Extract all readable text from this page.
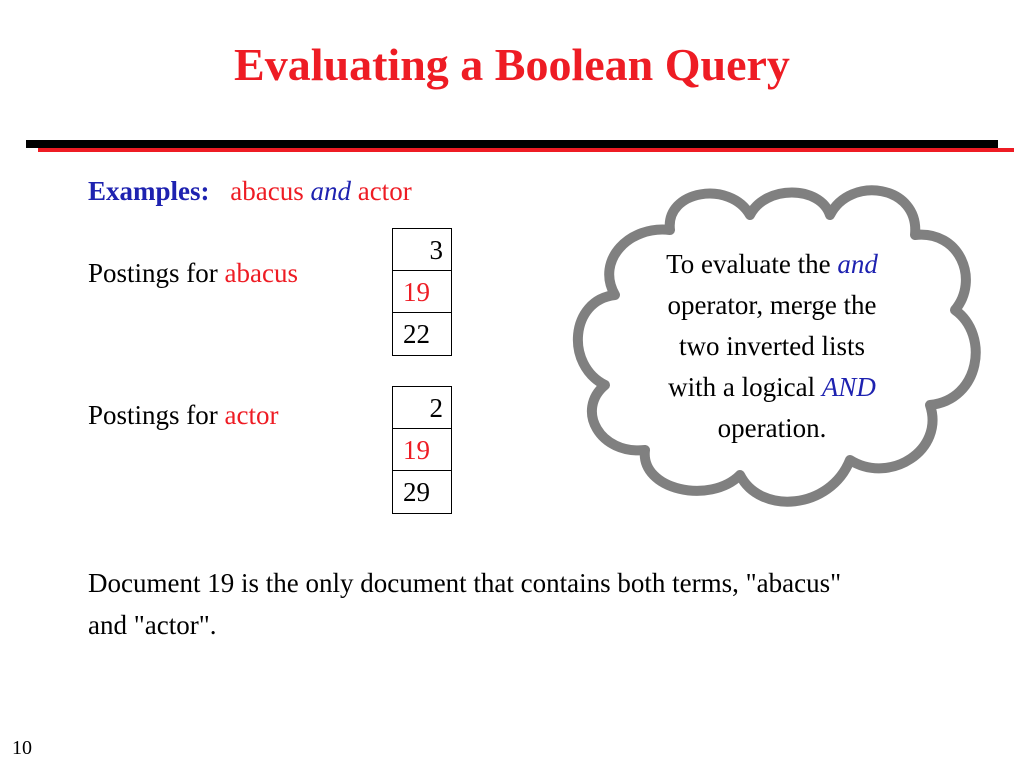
Evaluating a Boolean Query
Examples: abacus and actor
Postings for abacus
3
19
22
Postings for actor	2
19
29
Document 19 is the only document that contains both terms, "abacus" and "actor".
To evaluate the and
operator, merge the
two inverted lists
with a logical AND
operation.
10
